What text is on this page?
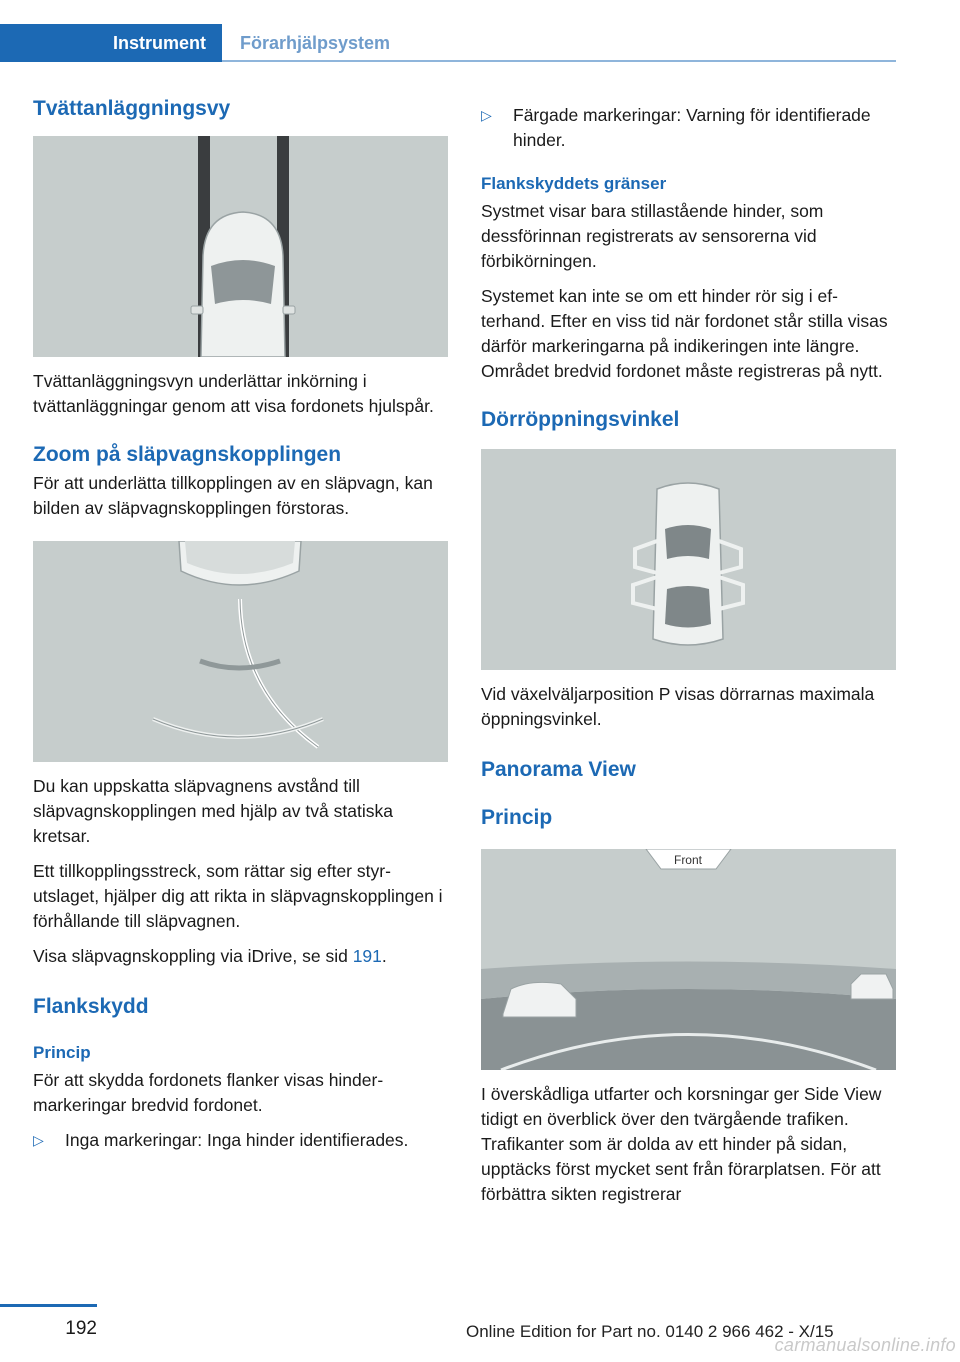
Instrument	Förarhjälpsystem
Tvättanläggningsvy

Tvättanläggningsvyn underlättar inkörning i tvättanläggningar genom att visa fordonets hjulspår.

Zoom på släpvagnskopplingen

För att underlätta tillkopplingen av en släpvagn, kan bilden av släpvagnskopplingen förstoras.

Du kan uppskatta släpvagnens avstånd till släpvagnskopplingen med hjälp av två statiska kretsar.

Ett tillkopplingsstreck, som rättar sig efter styrutslaget, hjälper dig att rikta in släpvagnskopplingen i förhållande till släpvagnen.

Visa släpvagnskoppling via iDrive, se sid 191.

Flankskydd
Princip

För att skydda fordonets flanker visas hindermarkeringar bredvid fordonet.

▷	Inga markeringar: Inga hinder identifierades.
▷	Färgade markeringar: Varning för identifierade hinder.
Flankskyddets gränser

Systmet visar bara stillastående hinder, som dessförinnan registrerats av sensorerna vid förbikörningen.

Systemet kan inte se om ett hinder rör sig i efterhand. Efter en viss tid när fordonet står stilla visas därför markeringarna på indikeringen inte längre. Området bredvid fordonet måste registreras på nytt.

Dörröppningsvinkel

Vid växelväljarposition P visas dörrarnas maximala öppningsvinkel.

Panorama View
Princip
Front

I överskådliga utfarter och korsningar ger Side View tidigt en överblick över den tvärgående trafiken. Trafikanter som är dolda av ett hinder på sidan, upptäcks först mycket sent från förarplatsen. För att förbättra sikten registrerar

192	Online Edition for Part no. 0140 2 966 462 - X/15
carmanualsonline.info
